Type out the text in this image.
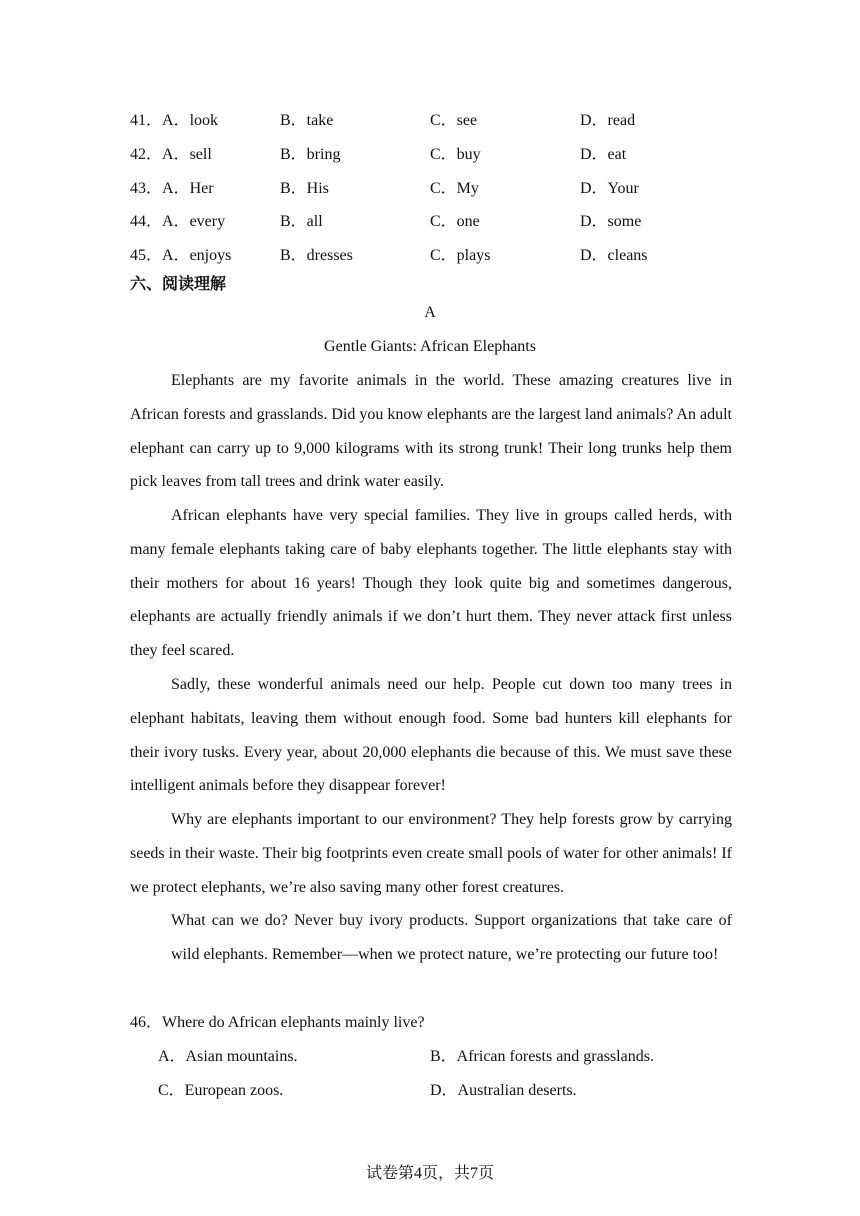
41．A．look	B．take	C．see	D．read
42．A．sell	B．bring	C．buy	D．eat
43．A．Her	B．His	C．My	D．Your
44．A．every	B．all	C．one	D．some
45．A．enjoys	B．dresses	C．plays	D．cleans
六、阅读理解
A
Gentle Giants: African Elephants
Elephants are my favorite animals in the world. These amazing creatures live in African forests and grasslands. Did you know elephants are the largest land animals? An adult elephant can carry up to 9,000 kilograms with its strong trunk! Their long trunks help them pick leaves from tall trees and drink water easily.
African elephants have very special families. They live in groups called herds, with many female elephants taking care of baby elephants together. The little elephants stay with their mothers for about 16 years! Though they look quite big and sometimes dangerous, elephants are actually friendly animals if we don’t hurt them. They never attack first unless they feel scared.
Sadly, these wonderful animals need our help. People cut down too many trees in elephant habitats, leaving them without enough food. Some bad hunters kill elephants for their ivory tusks. Every year, about 20,000 elephants die because of this. We must save these intelligent animals before they disappear forever!
Why are elephants important to our environment? They help forests grow by carrying seeds in their waste. Their big footprints even create small pools of water for other animals! If we protect elephants, we’re also saving many other forest creatures.
What can we do? Never buy ivory products. Support organizations that take care of wild elephants. Remember—when we protect nature, we’re protecting our future too!
46．Where do African elephants mainly live?
A．Asian mountains.	B．African forests and grasslands.
C．European zoos.	D．Australian deserts.
试卷第4页，共7页
